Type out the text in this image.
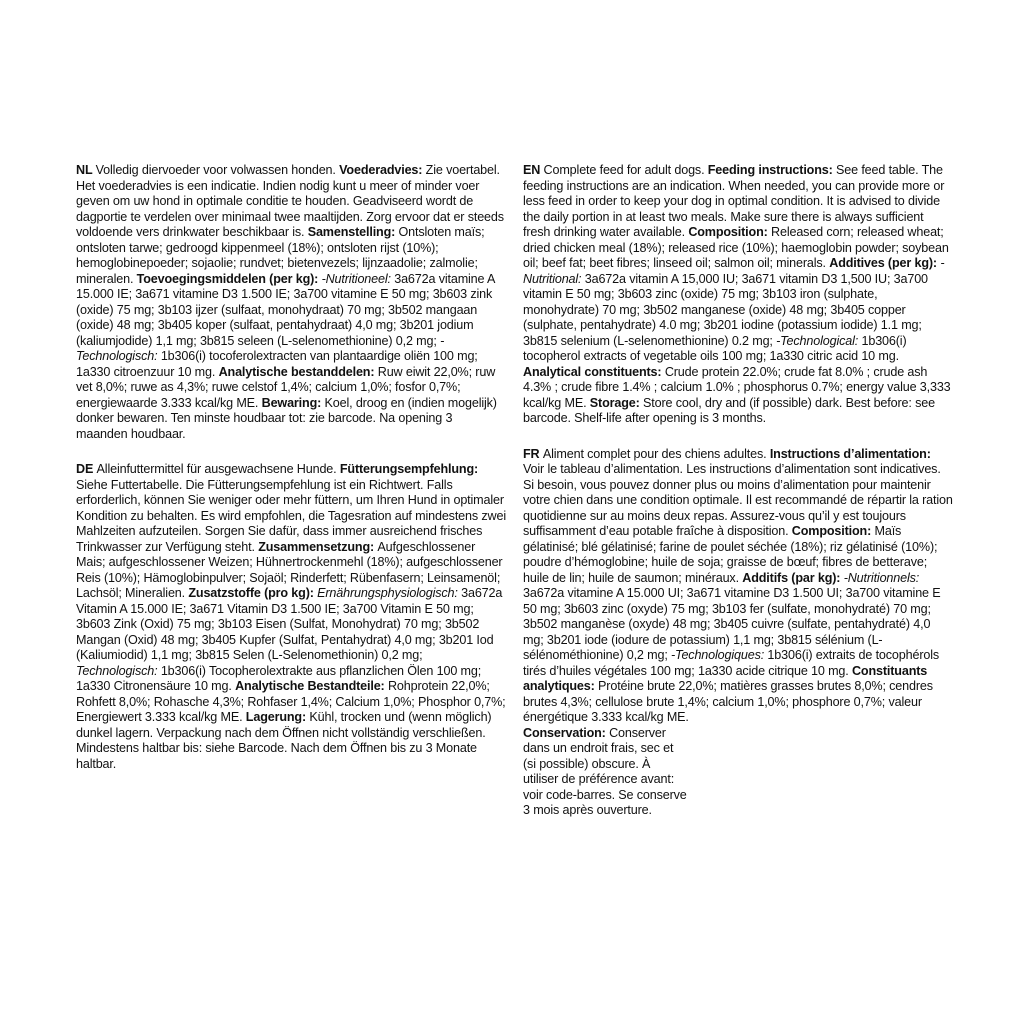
NL Volledig diervoeder voor volwassen honden. Voederadvies: Zie voertabel. Het voederadvies is een indicatie. Indien nodig kunt u meer of minder voer geven om uw hond in optimale conditie te houden. Geadviseerd wordt de dagportie te verdelen over minimaal twee maaltijden. Zorg ervoor dat er steeds voldoende vers drinkwater beschikbaar is. Samenstelling: Ontsloten maïs; ontsloten tarwe; gedroogd kippenmeel (18%); ontsloten rijst (10%); hemoglobinepoeder; sojaolie; rundvet; bietenvezels; lijnzaadolie; zalmolie; mineralen. Toevoegingsmiddelen (per kg): -Nutritioneel: 3a672a vitamine A 15.000 IE; 3a671 vitamine D3 1.500 IE; 3a700 vitamine E 50 mg; 3b603 zink (oxide) 75 mg; 3b103 ijzer (sulfaat, monohydraat) 70 mg; 3b502 mangaan (oxide) 48 mg; 3b405 koper (sulfaat, pentahydraat) 4,0 mg; 3b201 jodium (kaliumjodide) 1,1 mg; 3b815 seleen (L-selenomethionine) 0,2 mg; -Technologisch: 1b306(i) tocoferolextracten van plantaardige oliën 100 mg; 1a330 citroenzuur 10 mg. Analytische bestanddelen: Ruw eiwit 22,0%; ruw vet 8,0%; ruwe as 4,3%; ruwe celstof 1,4%; calcium 1,0%; fosfor 0,7%; energiewaarde 3.333 kcal/kg ME. Bewaring: Koel, droog en (indien mogelijk) donker bewaren. Ten minste houdbaar tot: zie barcode. Na opening 3 maanden houdbaar.

DE Alleinfuttermittel für ausgewachsene Hunde. Fütterungsempfehlung: Siehe Futtertabelle. Die Fütterungsempfehlung ist ein Richtwert. Falls erforderlich, können Sie weniger oder mehr füttern, um Ihren Hund in optimaler Kondition zu behalten. Es wird empfohlen, die Tagesration auf mindestens zwei Mahlzeiten aufzuteilen. Sorgen Sie dafür, dass immer ausreichend frisches Trinkwasser zur Verfügung steht. Zusammensetzung: Aufgeschlossener Mais; aufgeschlossener Weizen; Hühnertrockenmehl (18%); aufgeschlossener Reis (10%); Hämoglobinpulver; Sojaöl; Rinderfett; Rübenfasern; Leinsamenöl; Lachsöl; Mineralien. Zusatzstoffe (pro kg): Ernährungsphysiologisch: 3a672a Vitamin A 15.000 IE; 3a671 Vitamin D3 1.500 IE; 3a700 Vitamin E 50 mg; 3b603 Zink (Oxid) 75 mg; 3b103 Eisen (Sulfat, Monohydrat) 70 mg; 3b502 Mangan (Oxid) 48 mg; 3b405 Kupfer (Sulfat, Pentahydrat) 4,0 mg; 3b201 Iod (Kaliumiodid) 1,1 mg; 3b815 Selen (L-Selenomethionin) 0,2 mg; Technologisch: 1b306(i) Tocopherolextrakte aus pflanzlichen Ölen 100 mg; 1a330 Citronensäure 10 mg. Analytische Bestandteile: Rohprotein 22,0%; Rohfett 8,0%; Rohasche 4,3%; Rohfaser 1,4%; Calcium 1,0%; Phosphor 0,7%; Energiewert 3.333 kcal/kg ME. Lagerung: Kühl, trocken und (wenn möglich) dunkel lagern. Verpackung nach dem Öffnen nicht vollständig verschließen. Mindestens haltbar bis: siehe Barcode. Nach dem Öffnen bis zu 3 Monate haltbar.

EN Complete feed for adult dogs. Feeding instructions: See feed table. The feeding instructions are an indication. When needed, you can provide more or less feed in order to keep your dog in optimal condition. It is advised to divide the daily portion in at least two meals. Make sure there is always sufficient fresh drinking water available. Composition: Released corn; released wheat; dried chicken meal (18%); released rice (10%); haemoglobin powder; soybean oil; beef fat; beet fibres; linseed oil; salmon oil; minerals. Additives (per kg): -Nutritional: 3a672a vitamin A 15,000 IU; 3a671 vitamin D3 1,500 IU; 3a700 vitamin E 50 mg; 3b603 zinc (oxide) 75 mg; 3b103 iron (sulphate, monohydrate) 70 mg; 3b502 manganese (oxide) 48 mg; 3b405 copper (sulphate, pentahydrate) 4.0 mg; 3b201 iodine (potassium iodide) 1.1 mg; 3b815 selenium (L-selenomethionine) 0.2 mg; -Technological: 1b306(i) tocopherol extracts of vegetable oils 100 mg; 1a330 citric acid 10 mg. Analytical constituents: Crude protein 22.0%; crude fat 8.0% ; crude ash 4.3% ; crude fibre 1.4% ; calcium 1.0% ; phosphorus 0.7%; energy value 3,333 kcal/kg ME. Storage: Store cool, dry and (if possible) dark. Best before: see barcode. Shelf-life after opening is 3 months.

FR Aliment complet pour des chiens adultes. Instructions d’alimentation: Voir le tableau d’alimentation. Les instructions d’alimentation sont indicatives. Si besoin, vous pouvez donner plus ou moins d’alimentation pour maintenir votre chien dans une condition optimale. Il est recommandé de répartir la ration quotidienne sur au moins deux repas. Assurez-vous qu’il y est toujours suffisamment d’eau potable fraîche à disposition. Composition: Maïs gélatinisé; blé gélatinisé; farine de poulet séchée (18%); riz gélatinisé (10%); poudre d’hémoglobine; huile de soja; graisse de bœuf; fibres de betterave; huile de lin; huile de saumon; minéraux. Additifs (par kg): -Nutritionnels: 3a672a vitamine A 15.000 UI; 3a671 vitamine D3 1.500 UI; 3a700 vitamine E 50 mg; 3b603 zinc (oxyde) 75 mg; 3b103 fer (sulfate, monohydraté) 70 mg; 3b502 manganèse (oxyde) 48 mg; 3b405 cuivre (sulfate, pentahydraté) 4,0 mg; 3b201 iode (iodure de potassium) 1,1 mg; 3b815 sélénium (L-sélénométhionine) 0,2 mg; -Technologiques: 1b306(i) extraits de tocophérols tirés d’huiles végétales 100 mg; 1a330 acide citrique 10 mg. Constituants analytiques: Protéine brute 22,0%; matières grasses brutes 8,0%; cendres brutes 4,3%; cellulose brute 1,4%; calcium 1,0%; phosphore 0,7%; valeur énergétique 3.333 kcal/kg ME.

Conservation: Conserver dans un endroit frais, sec et (si possible) obscure. À utiliser de préférence avant: voir code-barres. Se conserve 3 mois après ouverture.
